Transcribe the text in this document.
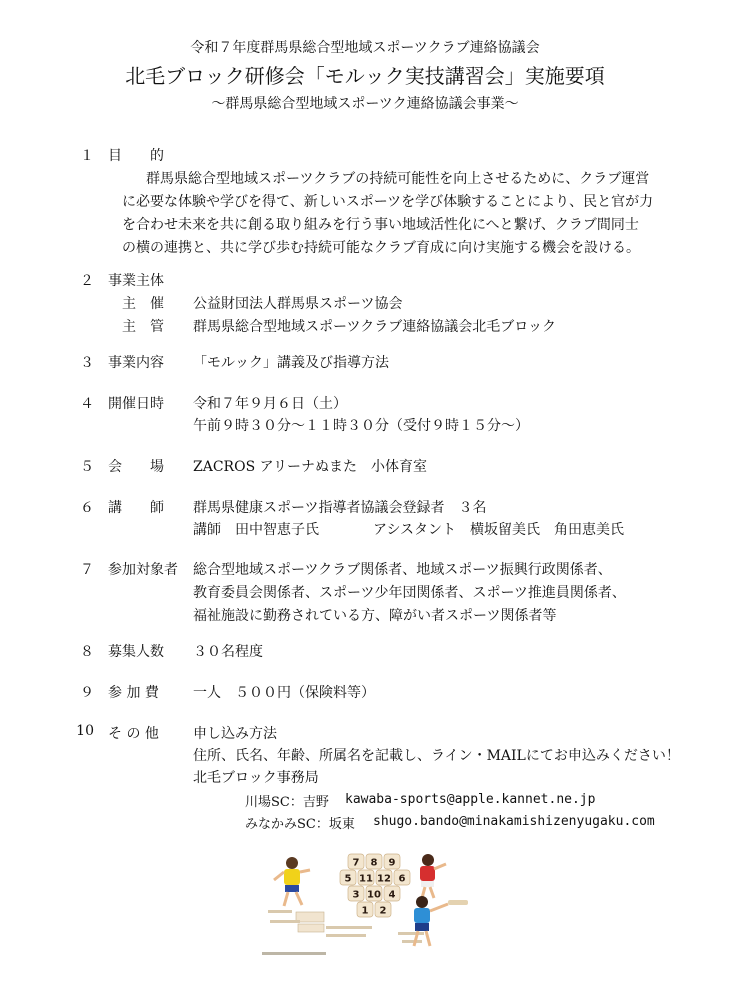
令和７年度群馬県総合型地域スポーツクラブ連絡協議会
北毛ブロック研修会「モルック実技講習会」実施要項
～群馬県総合型地域スポーツク連絡協議会事業～
１ 目　　的
群馬県総合型地域スポーツクラブの持続可能性を向上させるために、クラブ運営
に必要な体験や学びを得て、新しいスポーツを学び体験することにより、民と官が力
を合わせ未来を共に創る取り組みを行う事い地域活性化にへと繋げ、クラブ間同士
の横の連携と、共に学び歩む持続可能なクラブ育成に向け実施する機会を設ける。
２ 事業主体
主　催 公益財団法人群馬県スポーツ協会
主　管 群馬県総合型地域スポーツクラブ連絡協議会北毛ブロック
３ 事業内容 「モルック」講義及び指導方法
４ 開催日時 令和７年９月６日（土）
午前９時３０分～１１時３０分（受付９時１５分～）
５ 会　　場 ZACROS アリーナぬまた　小体育室
６ 講　　師 群馬県健康スポーツ指導者協議会登録者　３名
講師　田中智恵子氏	アシスタント　横坂留美氏　角田恵美氏
７ 参加対象者 総合型地域スポーツクラブ関係者、地域スポーツ振興行政関係者、
教育委員会関係者、スポーツ少年団関係者、スポーツ推進員関係者、
福祉施設に勤務されている方、障がい者スポーツ関係者等
８ 募集人数 ３０名程度
９ 参 加 費 一人　５００円（保険料等）
10 そ の 他 申し込み方法
住所、氏名、年齢、所属名を記載し、ライン・MAILにてお申込みください！
北毛ブロック事務局
川場SC：吉野 kawaba-sports@apple.kannet.ne.jp
みなかみSC：坂東 shugo.bando@minakamishizenyugaku.com
7 8 9
5 11 12 6
3 10 4
1 2
